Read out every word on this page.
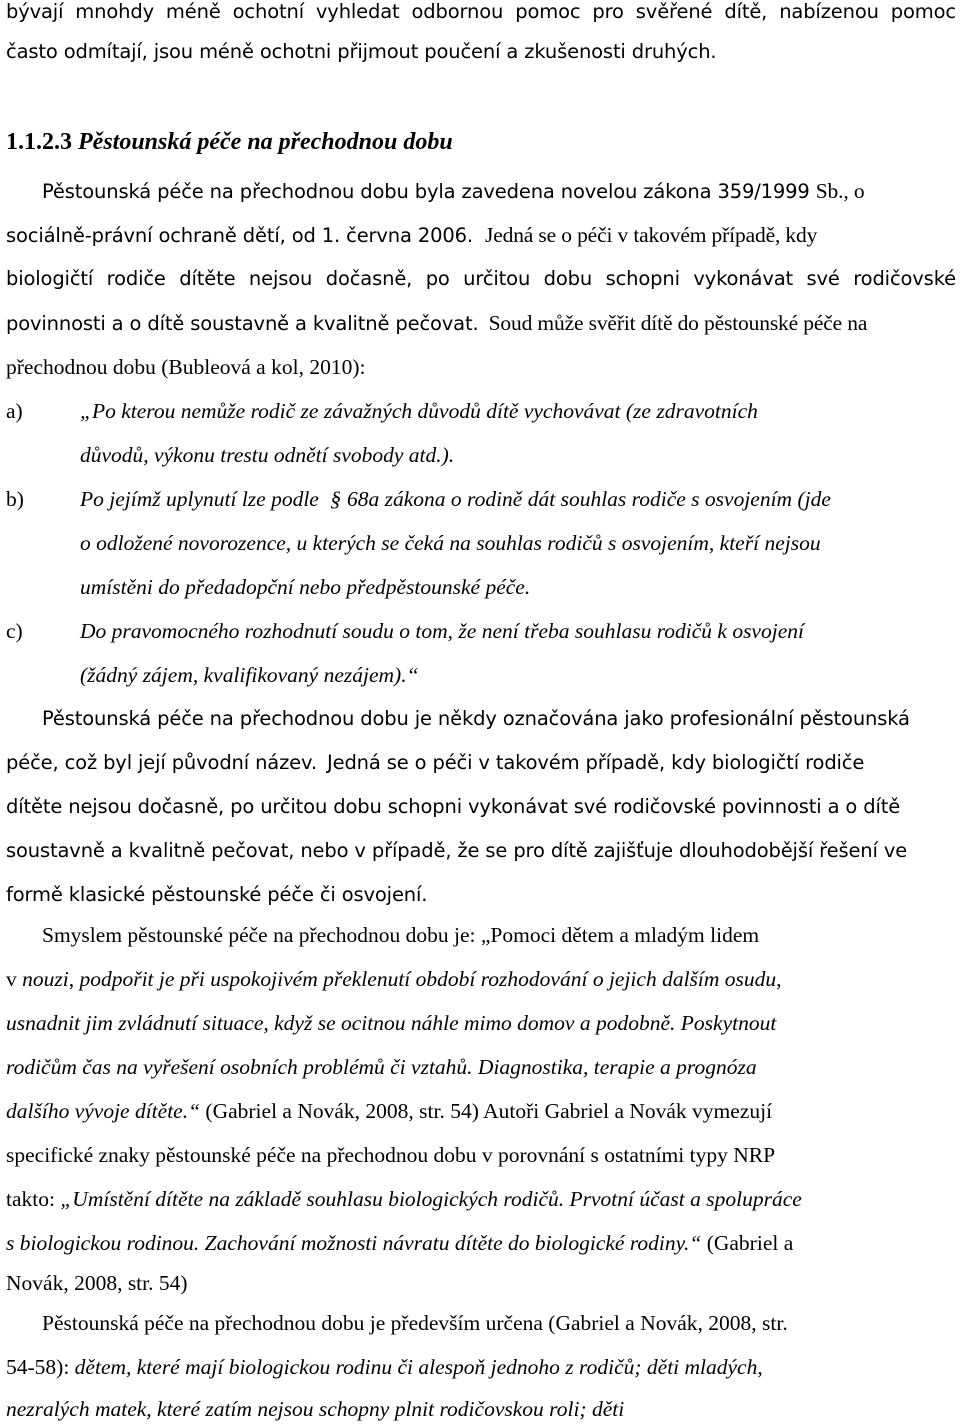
bývají mnohdy méně ochotní vyhledat odbornou pomoc pro svěřené dítě, nabízenou pomoc
často odmítají, jsou méně ochotni přijmout poučení a zkušenosti druhých.
1.1.2.3 Pěstounská péče na přechodnou dobu
Pěstounská péče na přechodnou dobu byla zavedena novelou zákona 359/1999 Sb., o
sociálně-právní ochraně dětí, od 1. června 2006. Jedná se o péči v takovém případě, kdy
biologičtí rodiče dítěte nejsou dočasně, po určitou dobu schopni vykonávat své rodičovské
povinnosti a o dítě soustavně a kvalitně pečovat. Soud může svěřit dítě do pěstounské péče na
přechodnou dobu (Bubleová a kol, 2010):
a)	„Po kterou nemůže rodič ze závažných důvodů dítě vychovávat (ze zdravotních
důvodů, výkonu trestu odnětí svobody atd.).
b)	Po jejímž uplynutí lze podle § 68a zákona o rodině dát souhlas rodiče s osvojením (jde
o odložené novorozence, u kterých se čeká na souhlas rodičů s osvojením, kteří nejsou
umístěni do předadopční nebo předpěstounské péče.
c)	Do pravomocného rozhodnutí soudu o tom, že není třeba souhlasu rodičů k osvojení
(žádný zájem, kvalifikovaný nezájem).“
Pěstounská péče na přechodnou dobu je někdy označována jako profesionální pěstounská
péče, což byl její původní název. Jedná se o péči v takovém případě, kdy biologičtí rodiče
dítěte nejsou dočasně, po určitou dobu schopni vykonávat své rodičovské povinnosti a o dítě
soustavně a kvalitně pečovat, nebo v případě, že se pro dítě zajišťuje dlouhodobější řešení ve
formě klasické pěstounské péče či osvojení.
Smyslem pěstounské péče na přechodnou dobu je: „Pomoci dětem a mladým lidem
v nouzi, podpořit je při uspokojivém překlenutí období rozhodování o jejich dalším osudu,
usnadnit jim zvládnutí situace, když se ocitnou náhle mimo domov a podobně. Poskytnout
rodičům čas na vyřešení osobních problémů či vztahů. Diagnostika, terapie a prognóza
dalšího vývoje dítěte.“ (Gabriel a Novák, 2008, str. 54) Autoři Gabriel a Novák vymezují
specifické znaky pěstounské péče na přechodnou dobu v porovnání s ostatními typy NRP
takto: „Umístění dítěte na základě souhlasu biologických rodičů. Prvotní účast a spolupráce
s biologickou rodinou. Zachování možnosti návratu dítěte do biologické rodiny.“ (Gabriel a
Novák, 2008, str. 54)
Pěstounská péče na přechodnou dobu je především určena (Gabriel a Novák, 2008, str.
54-58): dětem, které mají biologickou rodinu či alespoň jednoho z rodičů; děti mladých,
nezralých matek, které zatím nejsou schopny plnit rodičovskou roli; děti
